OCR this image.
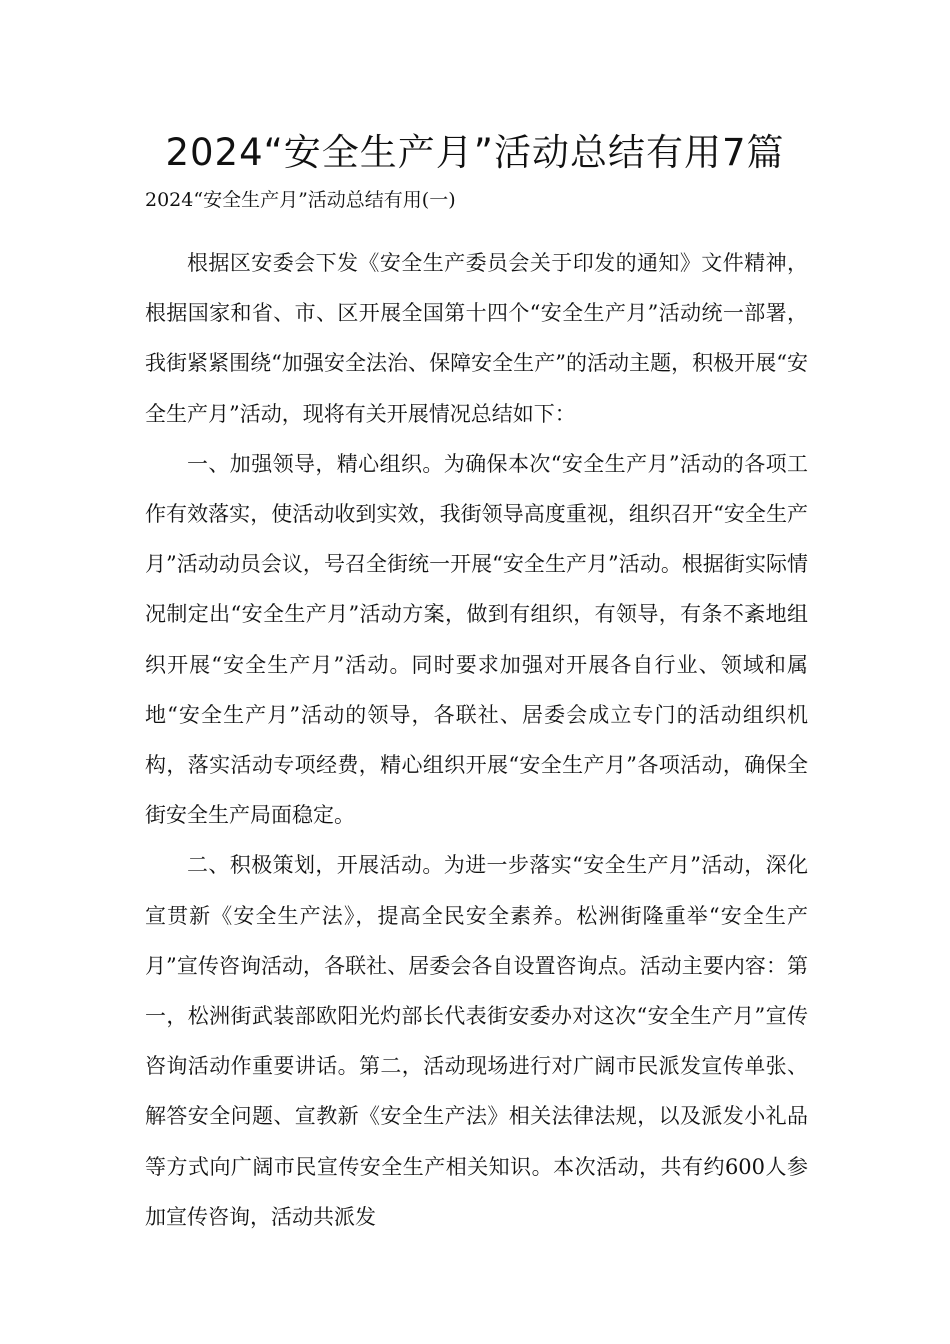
2024“安全生产月”活动总结有用7篇
2024“安全生产月”活动总结有用(一)

根据区安委会下发《安全生产委员会关于印发的通知》文件精神，根据国家和省、市、区开展全国第十四个“安全生产月”活动统一部署，我街紧紧围绕“加强安全法治、保障安全生产”的活动主题，积极开展“安全生产月”活动，现将有关开展情况总结如下：

一、加强领导，精心组织。为确保本次“安全生产月”活动的各项工作有效落实，使活动收到实效，我街领导高度重视，组织召开“安全生产月”活动动员会议，号召全街统一开展“安全生产月”活动。根据街实际情况制定出“安全生产月”活动方案，做到有组织，有领导，有条不紊地组织开展“安全生产月”活动。同时要求加强对开展各自行业、领域和属地“安全生产月”活动的领导，各联社、居委会成立专门的活动组织机构，落实活动专项经费，精心组织开展“安全生产月”各项活动，确保全街安全生产局面稳定。

二、积极策划，开展活动。为进一步落实“安全生产月”活动，深化宣贯新《安全生产法》，提高全民安全素养。松洲街隆重举“安全生产月”宣传咨询活动，各联社、居委会各自设置咨询点。活动主要内容：第一，松洲街武装部欧阳光灼部长代表街安委办对这次“安全生产月”宣传咨询活动作重要讲话。第二，活动现场进行对广阔市民派发宣传单张、解答安全问题、宣教新《安全生产法》相关法律法规，以及派发小礼品等方式向广阔市民宣传安全生产相关知识。本次活动，共有约600人参加宣传咨询，活动共派发
